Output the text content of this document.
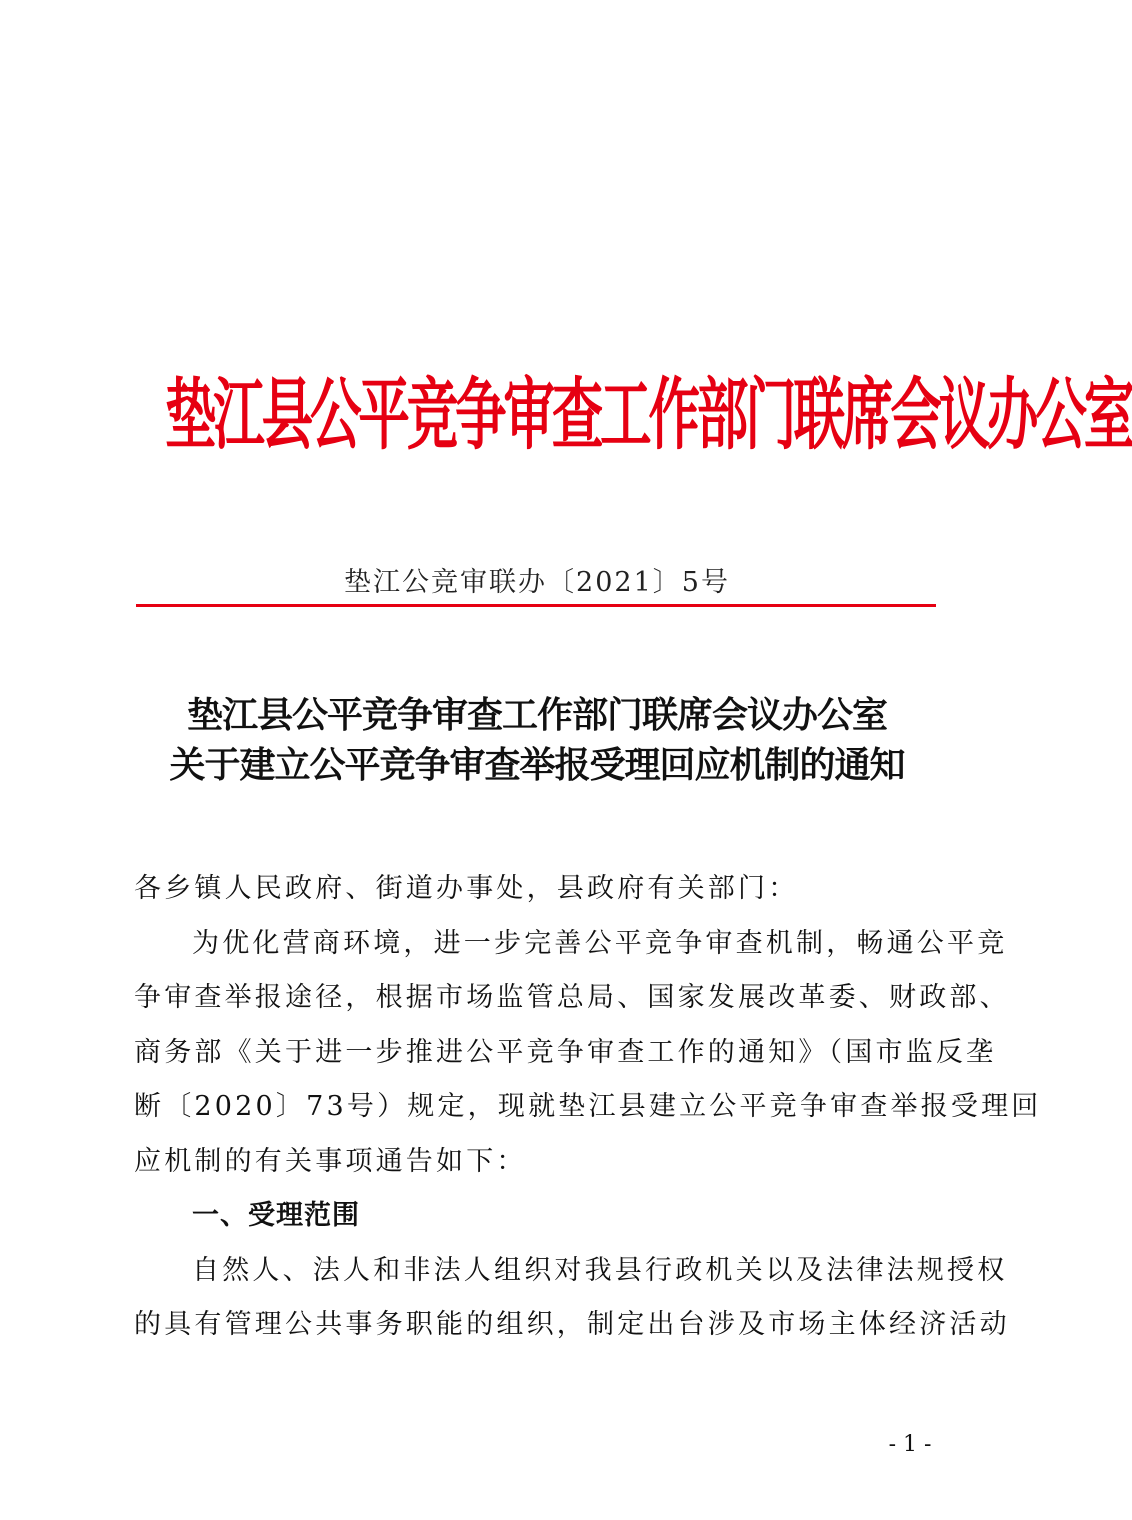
垫江县公平竞争审查工作部门联席会议办公室
垫江公竞审联办〔2021〕5号
垫江县公平竞争审查工作部门联席会议办公室
关于建立公平竞争审查举报受理回应机制的通知
各乡镇人民政府、街道办事处，县政府有关部门：
为优化营商环境，进一步完善公平竞争审查机制，畅通公平竞
争审查举报途径，根据市场监管总局、国家发展改革委、财政部、
商务部《关于进一步推进公平竞争审查工作的通知》（国市监反垄
断〔2020〕73号）规定，现就垫江县建立公平竞争审查举报受理回
应机制的有关事项通告如下：
一、受理范围
自然人、法人和非法人组织对我县行政机关以及法律法规授权
的具有管理公共事务职能的组织，制定出台涉及市场主体经济活动
- 1 -
